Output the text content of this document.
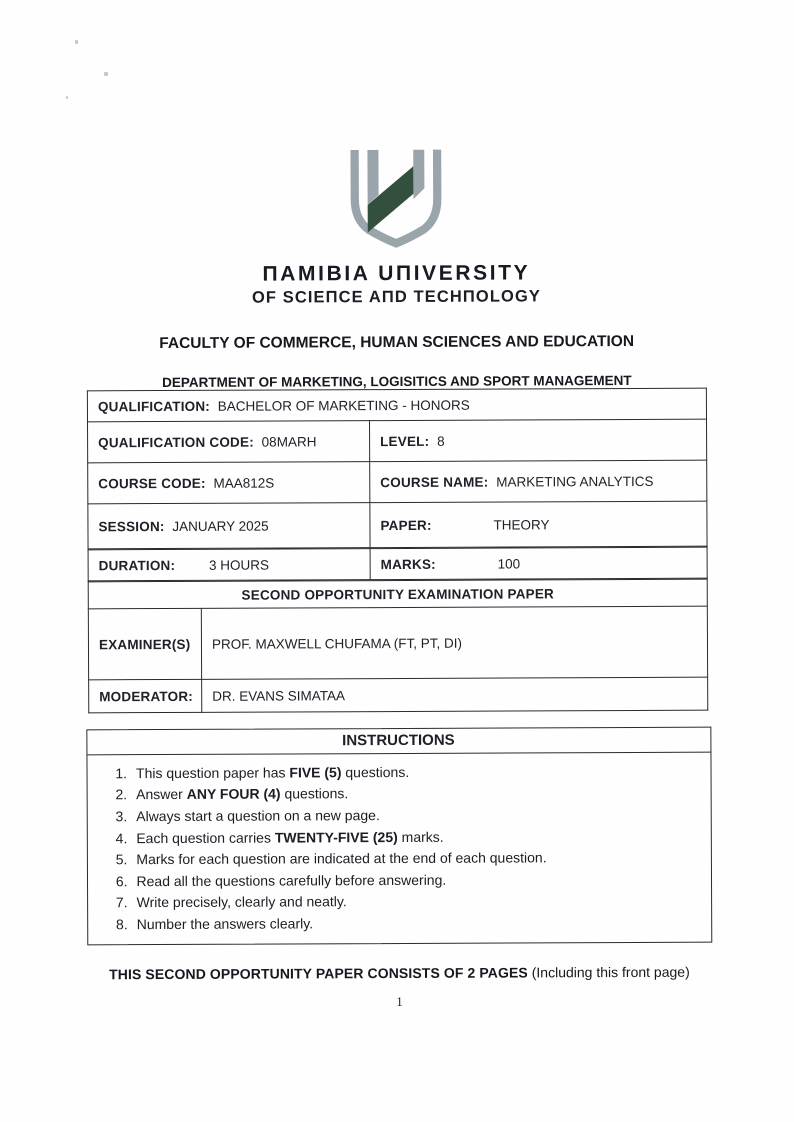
ΠAMIBIA UΠIVERSITY
OF SCIEΠCE AΠD TECHΠOLOGY
FACULTY OF COMMERCE, HUMAN SCIENCES AND EDUCATION
DEPARTMENT OF MARKETING, LOGISITICS AND SPORT MANAGEMENT
QUALIFICATION: BACHELOR OF MARKETING - HONORS	
QUALIFICATION CODE: 08MARH	LEVEL: 8
COURSE CODE: MAA812S	COURSE NAME: MARKETING ANALYTICS
SESSION: JANUARY 2025	PAPER: THEORY
DURATION: 3 HOURS	MARKS:	100
SECOND OPPORTUNITY EXAMINATION PAPER	
EXAMINER(S)	PROF. MAXWELL CHUFAMA (FT, PT, DI)
MODERATOR:	DR. EVANS SIMATAA
INSTRUCTIONS
1. This question paper has FIVE (5) questions.
2. Answer ANY FOUR (4) questions.
3. Always start a question on a new page.
4. Each question carries TWENTY-FIVE (25) marks.
5. Marks for each question are indicated at the end of each question.
6. Read all the questions carefully before answering.
7. Write precisely, clearly and neatly.
8. Number the answers clearly.
THIS SECOND OPPORTUNITY PAPER CONSISTS OF 2 PAGES (Including this front page)
1
